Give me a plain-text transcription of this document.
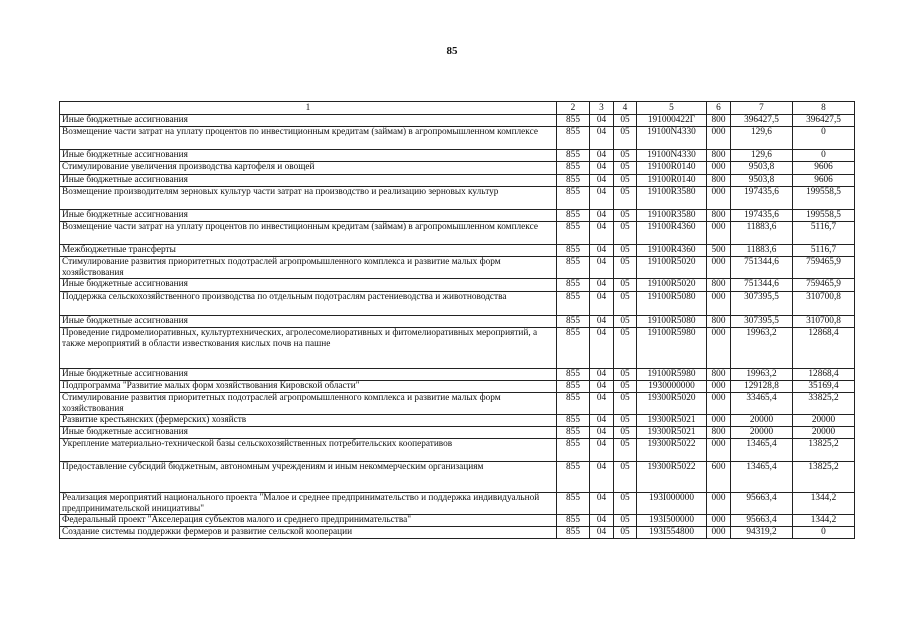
85
1	2	3	4	5	6	7	8
Иные бюджетные ассигнования	855	04	05	191000422Г	800	396427,5	396427,5
Возмещение части затрат на уплату процентов по инвестиционным кредитам (займам) в агропромышленном комплексе	855	04	05	19100N4330	000	129,6	0
Иные бюджетные ассигнования	855	04	05	19100N4330	800	129,6	0
Стимулирование увеличения производства картофеля и овощей	855	04	05	19100R0140	000	9503,8	9606
Иные бюджетные ассигнования	855	04	05	19100R0140	800	9503,8	9606
Возмещение производителям зерновых культур части затрат на производство и реализацию зерновых культур	855	04	05	19100R3580	000	197435,6	199558,5
Иные бюджетные ассигнования	855	04	05	19100R3580	800	197435,6	199558,5
Возмещение части затрат на уплату процентов по инвестиционным кредитам (займам) в агропромышленном комплексе	855	04	05	19100R4360	000	11883,6	5116,7
Межбюджетные трансферты	855	04	05	19100R4360	500	11883,6	5116,7
Стимулирование развития приоритетных подотраслей агропромышленного комплекса и развитие малых форм хозяйствования	855	04	05	19100R5020	000	751344,6	759465,9
Иные бюджетные ассигнования	855	04	05	19100R5020	800	751344,6	759465,9
Поддержка сельскохозяйственного производства по отдельным подотраслям растениеводства и животноводства	855	04	05	19100R5080	000	307395,5	310700,8
Иные бюджетные ассигнования	855	04	05	19100R5080	800	307395,5	310700,8
Проведение гидромелиоративных, культуртехнических, агролесомелиоративных и фитомелиоративных мероприятий, а также мероприятий в области известкования кислых почв на пашне	855	04	05	19100R5980	000	19963,2	12868,4
Иные бюджетные ассигнования	855	04	05	19100R5980	800	19963,2	12868,4
Подпрограмма "Развитие малых форм хозяйствования Кировской области"	855	04	05	1930000000	000	129128,8	35169,4
Стимулирование развития приоритетных подотраслей агропромышленного комплекса и развитие малых форм хозяйствования	855	04	05	19300R5020	000	33465,4	33825,2
Развитие крестьянских (фермерских) хозяйств	855	04	05	19300R5021	000	20000	20000
Иные бюджетные ассигнования	855	04	05	19300R5021	800	20000	20000
Укрепление материально-технической базы сельскохозяйственных потребительских кооперативов	855	04	05	19300R5022	000	13465,4	13825,2
Предоставление субсидий бюджетным, автономным учреждениям и иным некоммерческим организациям	855	04	05	19300R5022	600	13465,4	13825,2
Реализация мероприятий национального проекта "Малое и среднее предпринимательство и поддержка индивидуальной предпринимательской инициативы"	855	04	05	193I000000	000	95663,4	1344,2
Федеральный проект "Акселерация субъектов малого и среднего предпринимательства"	855	04	05	193I500000	000	95663,4	1344,2
Создание системы поддержки фермеров и развитие сельской кооперации	855	04	05	193I554800	000	94319,2	0
